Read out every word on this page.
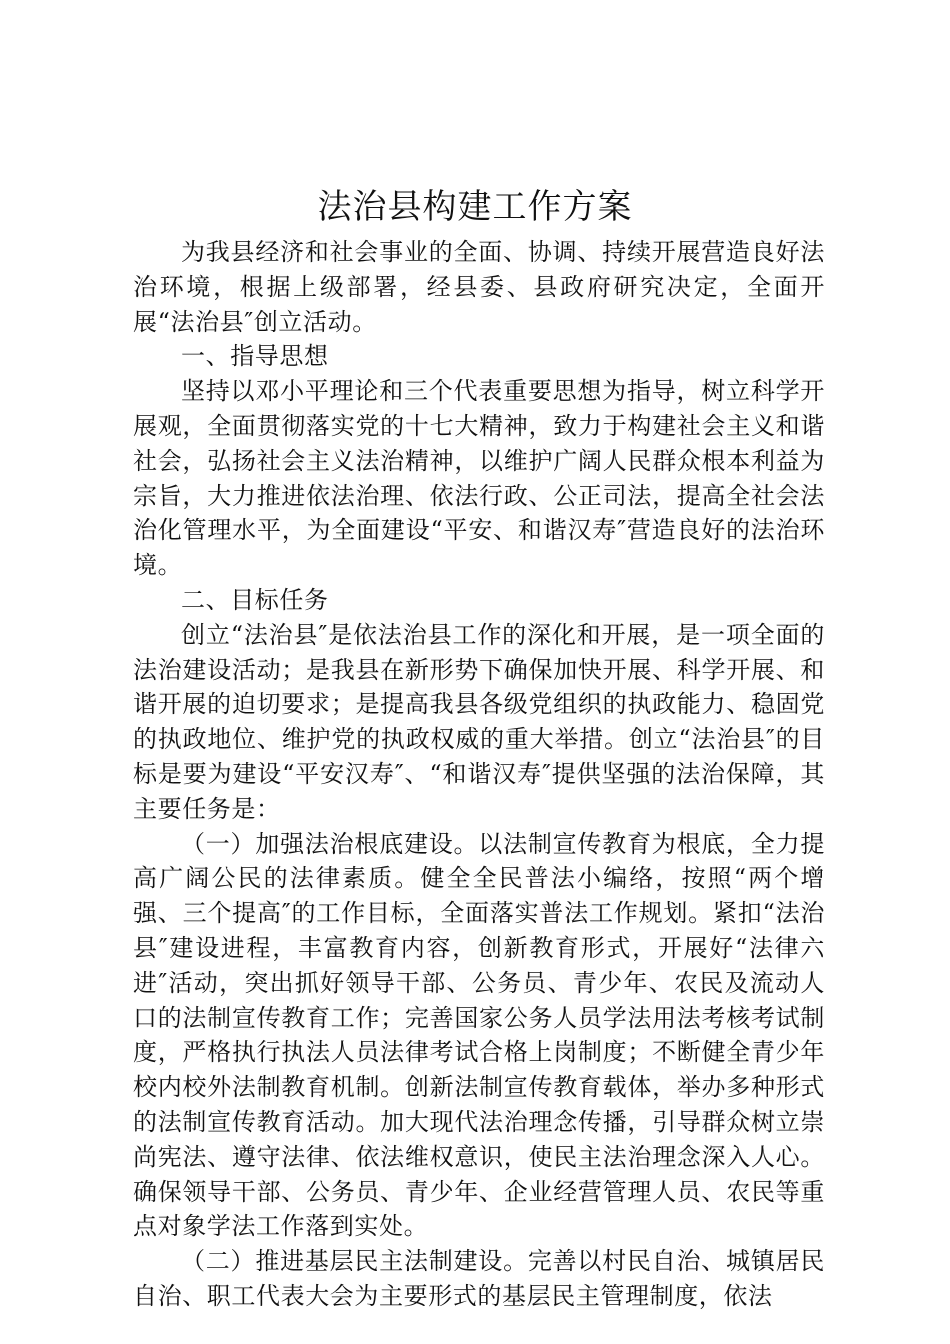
法治县构建工作方案

为我县经济和社会事业的全面、协调、持续开展营造良好法治环境，根据上级部署，经县委、县政府研究决定，全面开展“法治县″创立活动。

一、指导思想

坚持以邓小平理论和三个代表重要思想为指导，树立科学开展观，全面贯彻落实党的十七大精神，致力于构建社会主义和谐社会，弘扬社会主义法治精神，以维护广阔人民群众根本利益为宗旨，大力推进依法治理、依法行政、公正司法，提高全社会法治化管理水平，为全面建设“平安、和谐汉寿″营造良好的法治环境。

二、目标任务

创立“法治县″是依法治县工作的深化和开展，是一项全面的法治建设活动；是我县在新形势下确保加快开展、科学开展、和谐开展的迫切要求；是提高我县各级党组织的执政能力、稳固党的执政地位、维护党的执政权威的重大举措。创立“法治县″的目标是要为建设“平安汉寿″、“和谐汉寿″提供坚强的法治保障，其主要任务是：

（一）加强法治根底建设。以法制宣传教育为根底，全力提高广阔公民的法律素质。健全全民普法小编络，按照“两个增强、三个提高″的工作目标，全面落实普法工作规划。紧扣“法治县″建设进程，丰富教育内容，创新教育形式，开展好“法律六进″活动，突出抓好领导干部、公务员、青少年、农民及流动人口的法制宣传教育工作；完善国家公务人员学法用法考核考试制度，严格执行执法人员法律考试合格上岗制度；不断健全青少年校内校外法制教育机制。创新法制宣传教育载体，举办多种形式的法制宣传教育活动。加大现代法治理念传播，引导群众树立崇尚宪法、遵守法律、依法维权意识，使民主法治理念深入人心。确保领导干部、公务员、青少年、企业经营管理人员、农民等重点对象学法工作落到实处。

（二）推进基层民主法制建设。完善以村民自治、城镇居民自治、职工代表大会为主要形式的基层民主管理制度，依法
